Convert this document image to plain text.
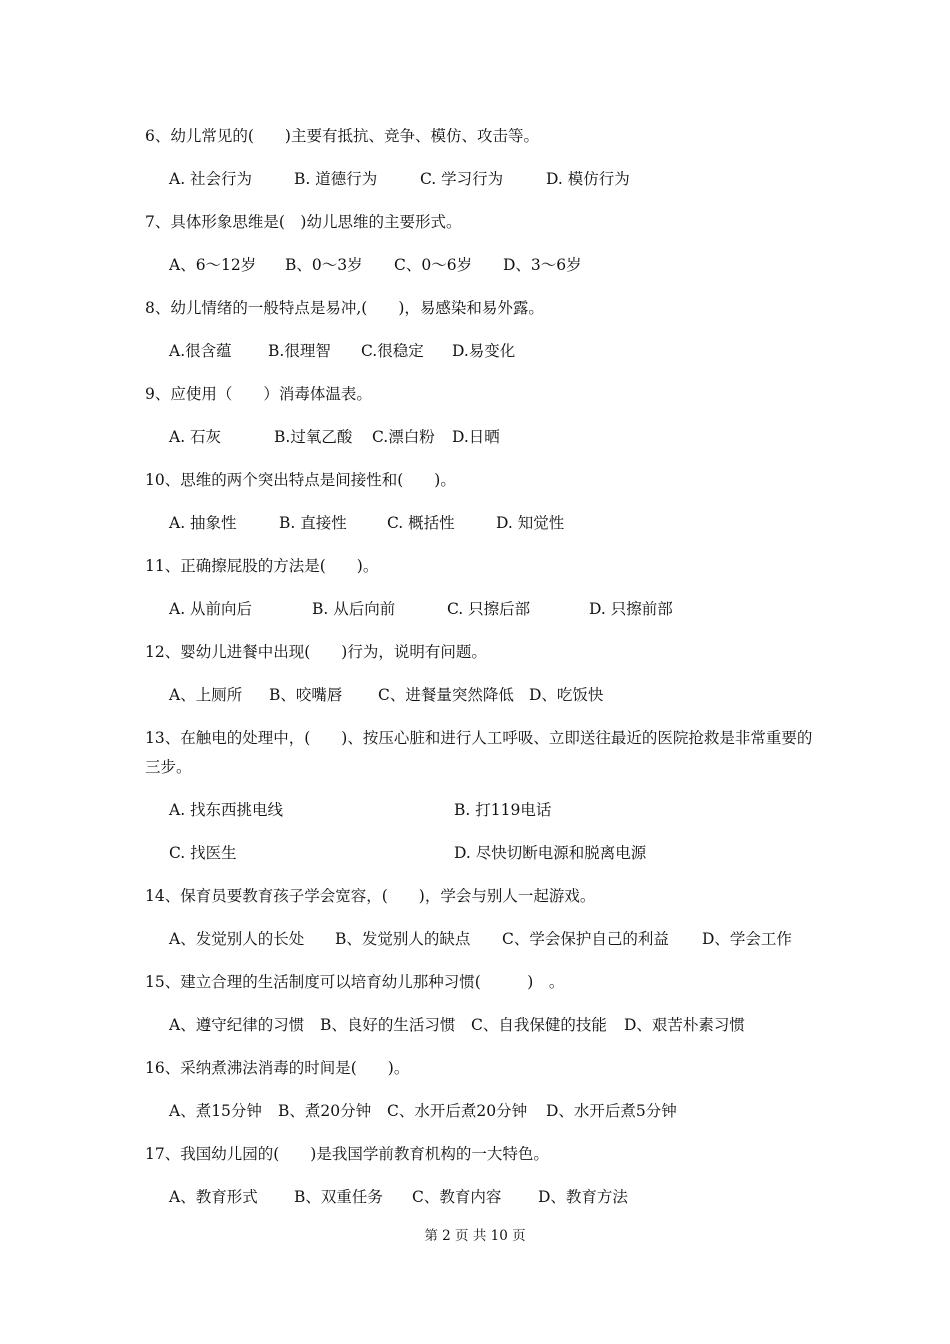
6、幼儿常见的(　　)主要有抵抗、竞争、模仿、攻击等。
A. 社会行为	B. 道德行为	C. 学习行为	D. 模仿行为
7、具体形象思维是(　)幼儿思维的主要形式。
A、6～12岁 B、0～3岁 C、0～6岁 D、3～6岁
8、幼儿情绪的一般特点是易冲,(　　)，易感染和易外露。
A.很含蕴 B.很理智 C.很稳定 D.易变化
9、应使用（　　）消毒体温表。
A. 石灰	B.过氧乙酸 C.漂白粉 D.日晒
10、思维的两个突出特点是间接性和(　　)。
A. 抽象性	B. 直接性	C. 概括性	D. 知觉性
11、正确擦屁股的方法是(　　)。
A. 从前向后	B. 从后向前	C. 只擦后部	D. 只擦前部
12、婴幼儿进餐中出现(　　)行为，说明有问题。
A、上厕所 B、咬嘴唇 C、进餐量突然降低 D、吃饭快
13、在触电的处理中，(　　)、按压心脏和进行人工呼吸、立即送往最近的医院抢救是非常重要的三步。
A. 找东西挑电线	B. 打119电话
C. 找医生	D. 尽快切断电源和脱离电源
14、保育员要教育孩子学会宽容，(　　)，学会与别人一起游戏。
A、发觉别人的长处 B、发觉别人的缺点 C、学会保护自己的利益 D、学会工作
15、建立合理的生活制度可以培育幼儿那种习惯(　　　)　。
A、遵守纪律的习惯 B、良好的生活习惯 C、自我保健的技能 D、艰苦朴素习惯
16、采纳煮沸法消毒的时间是(　　)。
A、煮15分钟 B、煮20分钟 C、水开后煮20分钟 D、水开后煮5分钟
17、我国幼儿园的(　　)是我国学前教育机构的一大特色。
A、教育形式 B、双重任务 C、教育内容 D、教育方法
第 2 页 共 10 页
